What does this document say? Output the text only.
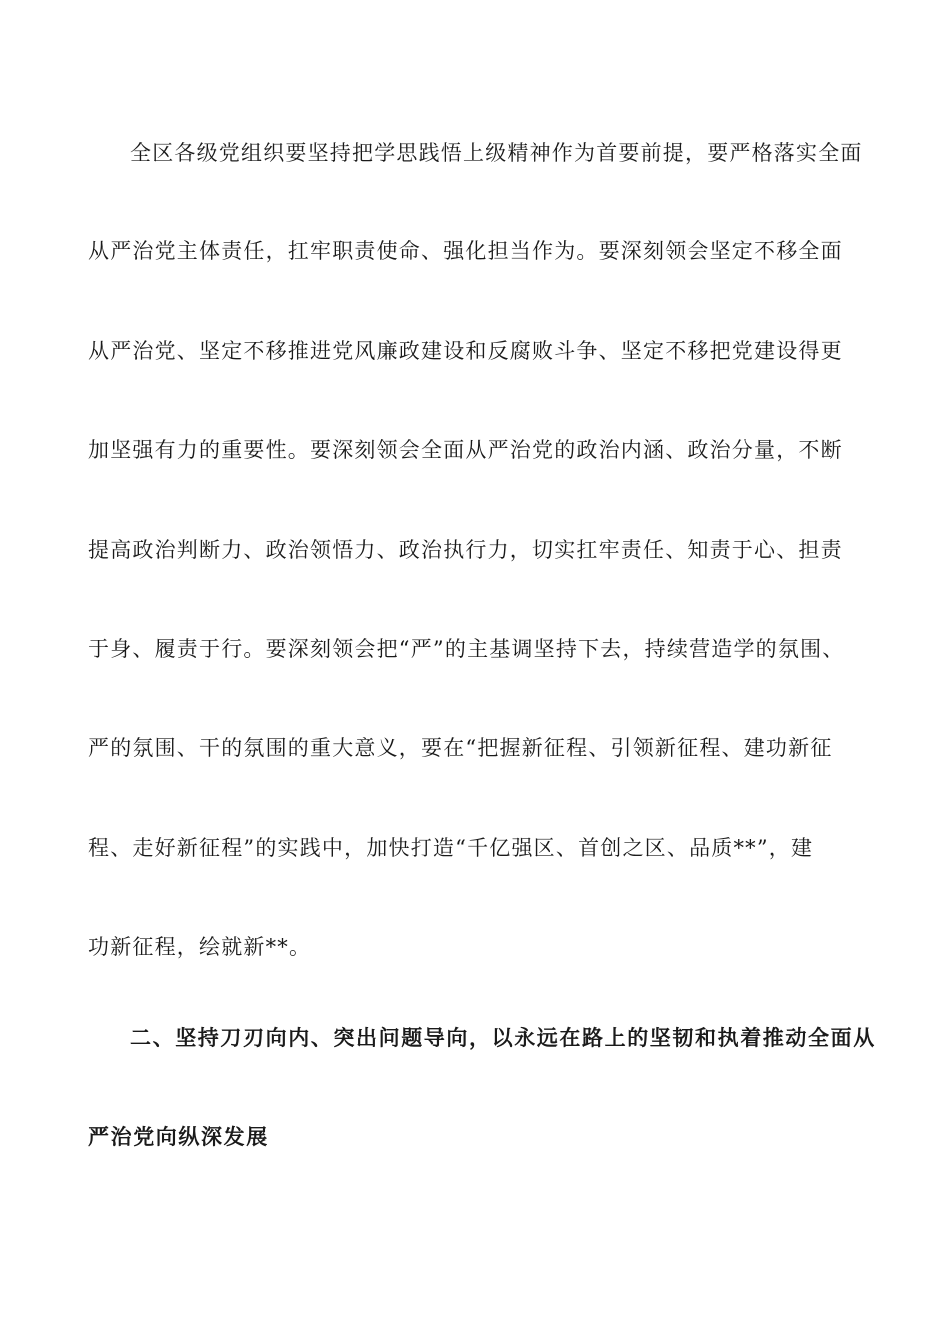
全区各级党组织要坚持把学思践悟上级精神作为首要前提，要严格落实全面
从严治党主体责任，扛牢职责使命、强化担当作为。要深刻领会坚定不移全面
从严治党、坚定不移推进党风廉政建设和反腐败斗争、坚定不移把党建设得更
加坚强有力的重要性。要深刻领会全面从严治党的政治内涵、政治分量，不断
提高政治判断力、政治领悟力、政治执行力，切实扛牢责任、知责于心、担责
于身、履责于行。要深刻领会把“严”的主基调坚持下去，持续营造学的氛围、
严的氛围、干的氛围的重大意义，要在“把握新征程、引领新征程、建功新征
程、走好新征程”的实践中，加快打造“千亿强区、首创之区、品质**”，建
功新征程，绘就新**。
二、坚持刀刃向内、突出问题导向，以永远在路上的坚韧和执着推动全面从
严治党向纵深发展
